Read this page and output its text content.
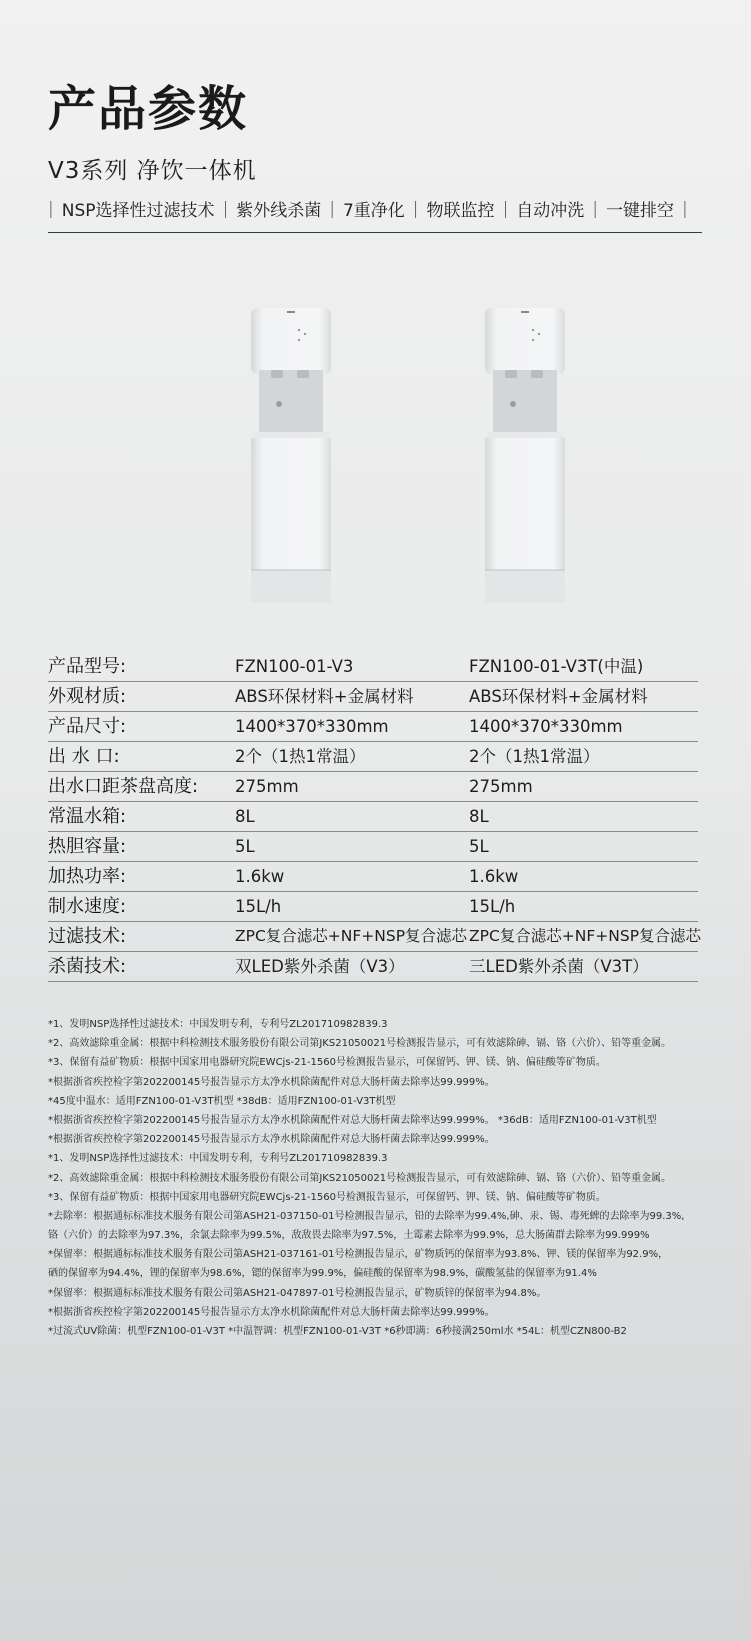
产品参数
V3系列 净饮一体机
| NSP选择性过滤技术 | 紫外线杀菌 | 7重净化 | 物联监控 | 自动冲洗 | 一键排空 |
产品型号:	FZN100-01-V3	FZN100-01-V3T(中温)
外观材质:	ABS环保材料+金属材料	ABS环保材料+金属材料
产品尺寸:	1400*370*330mm	1400*370*330mm
出 水 口:	2个（1热1常温）	2个（1热1常温）
出水口距茶盘高度: 275mm	275mm
常温水箱:	8L	8L
热胆容量:	5L	5L
加热功率:	1.6kw	1.6kw
制水速度:	15L/h	15L/h
过滤技术:	ZPC复合滤芯+NF+NSP复合滤芯 ZPC复合滤芯+NF+NSP复合滤芯
杀菌技术:	双LED紫外杀菌（V3）	三LED紫外杀菌（V3T）
*1、发明NSP选择性过滤技术：中国发明专利，专利号ZL201710982839.3
*2、高效滤除重金属：根据中科检测技术服务股份有限公司第JKS21050021号检测报告显示，可有效滤除砷、镉、铬（六价）、铅等重金属。
*3、保留有益矿物质：根据中国家用电器研究院EWCjs-21-1560号检测报告显示，可保留钙、钾、镁、钠、偏硅酸等矿物质。
*根据浙省疾控检字第202200145号报告显示方太净水机除菌配件对总大肠杆菌去除率达99.999%。
*45度中温水：适用FZN100-01-V3T机型 *38dB：适用FZN100-01-V3T机型
*根据浙省疾控检字第202200145号报告显示方太净水机除菌配件对总大肠杆菌去除率达99.999%。 *36dB：适用FZN100-01-V3T机型
*根据浙省疾控检字第202200145号报告显示方太净水机除菌配件对总大肠杆菌去除率达99.999%。
*1、发明NSP选择性过滤技术：中国发明专利，专利号ZL201710982839.3
*2、高效滤除重金属：根据中科检测技术服务股份有限公司第JKS21050021号检测报告显示，可有效滤除砷、镉、铬（六价）、铅等重金属。
*3、保留有益矿物质：根据中国家用电器研究院EWCjs-21-1560号检测报告显示，可保留钙、钾、镁、钠、偏硅酸等矿物质。
*去除率：根据通标标准技术服务有限公司第ASH21-037150-01号检测报告显示，铅的去除率为99.4%,砷、汞、锡、毒死蜱的去除率为99.3%,
铬（六价）的去除率为97.3%，余氯去除率为99.5%，敌敌畏去除率为97.5%，土霉素去除率为99.9%，总大肠菌群去除率为99.999%
*保留率：根据通标标准技术服务有限公司第ASH21-037161-01号检测报告显示，矿物质钙的保留率为93.8%、钾、镁的保留率为92.9%，
硒的保留率为94.4%，锂的保留率为98.6%，锶的保留率为99.9%，偏硅酸的保留率为98.9%，碳酸氢盐的保留率为91.4%
*保留率：根据通标标准技术服务有限公司第ASH21-047897-01号检测报告显示，矿物质锌的保留率为94.8%。
*根据浙省疾控检字第202200145号报告显示方太净水机除菌配件对总大肠杆菌去除率达99.999%。
*过流式UV除菌：机型FZN100-01-V3T *中温智调：机型FZN100-01-V3T *6秒即满：6秒接满250ml水 *54L：机型CZN800-B2
